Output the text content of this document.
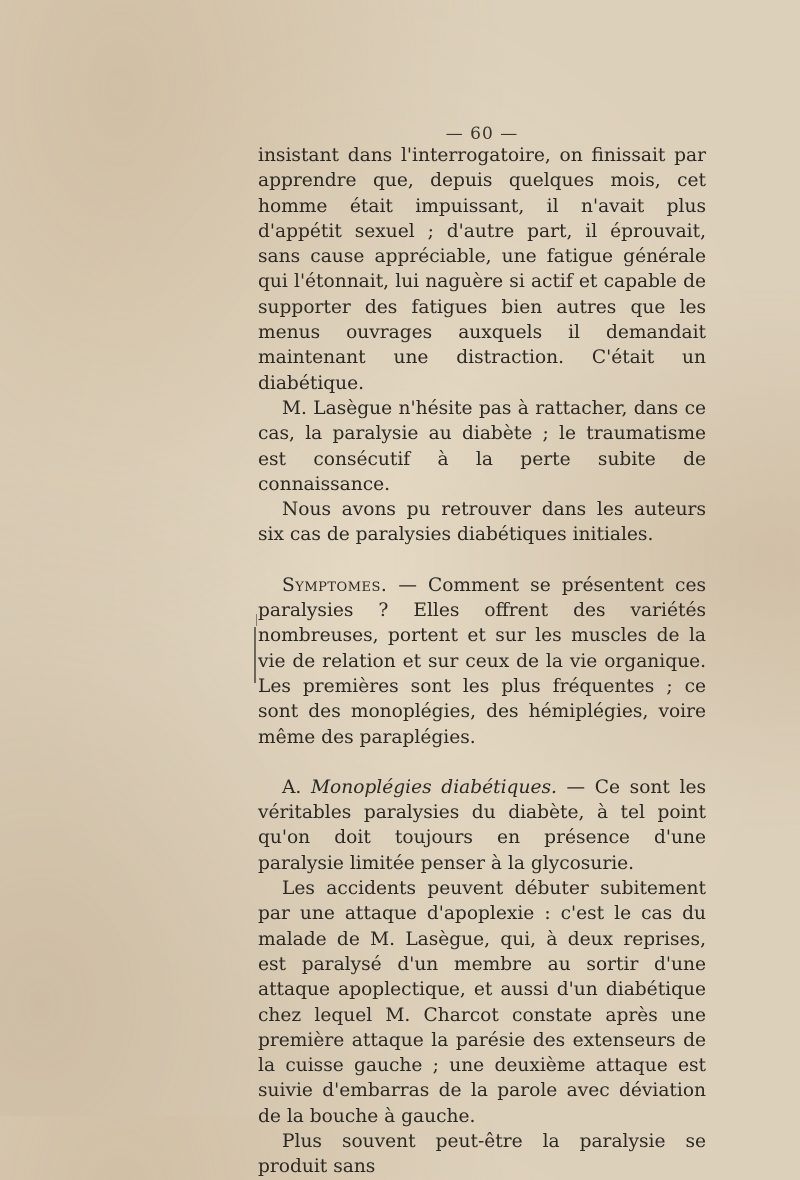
— 60 —

insistant dans l'interrogatoire, on finissait par apprendre que, depuis quelques mois, cet homme était impuissant, il n'avait plus d'appétit sexuel ; d'autre part, il éprouvait, sans cause appréciable, une fatigue générale qui l'étonnait, lui naguère si actif et capable de supporter des fatigues bien autres que les menus ouvrages auxquels il demandait maintenant une distraction. C'était un diabétique.

M. Lasègue n'hésite pas à rattacher, dans ce cas, la paralysie au diabète ; le traumatisme est consécutif à la perte subite de connaissance.

Nous avons pu retrouver dans les auteurs six cas de paralysies diabétiques initiales.

Symptomes. — Comment se présentent ces paralysies ? Elles offrent des variétés nombreuses, portent et sur les muscles de la vie de relation et sur ceux de la vie organique. Les premières sont les plus fréquentes ; ce sont des monoplégies, des hémiplégies, voire même des paraplégies.

A. Monoplégies diabétiques. — Ce sont les véritables paralysies du diabète, à tel point qu'on doit toujours en présence d'une paralysie limitée penser à la glycosurie.

Les accidents peuvent débuter subitement par une attaque d'apoplexie : c'est le cas du malade de M. Lasègue, qui, à deux reprises, est paralysé d'un membre au sortir d'une attaque apoplectique, et aussi d'un diabétique chez lequel M. Charcot constate après une première attaque la parésie des extenseurs de la cuisse gauche ; une deuxième attaque est suivie d'embarras de la parole avec déviation de la bouche à gauche.

Plus souvent peut-être la paralysie se produit sans
